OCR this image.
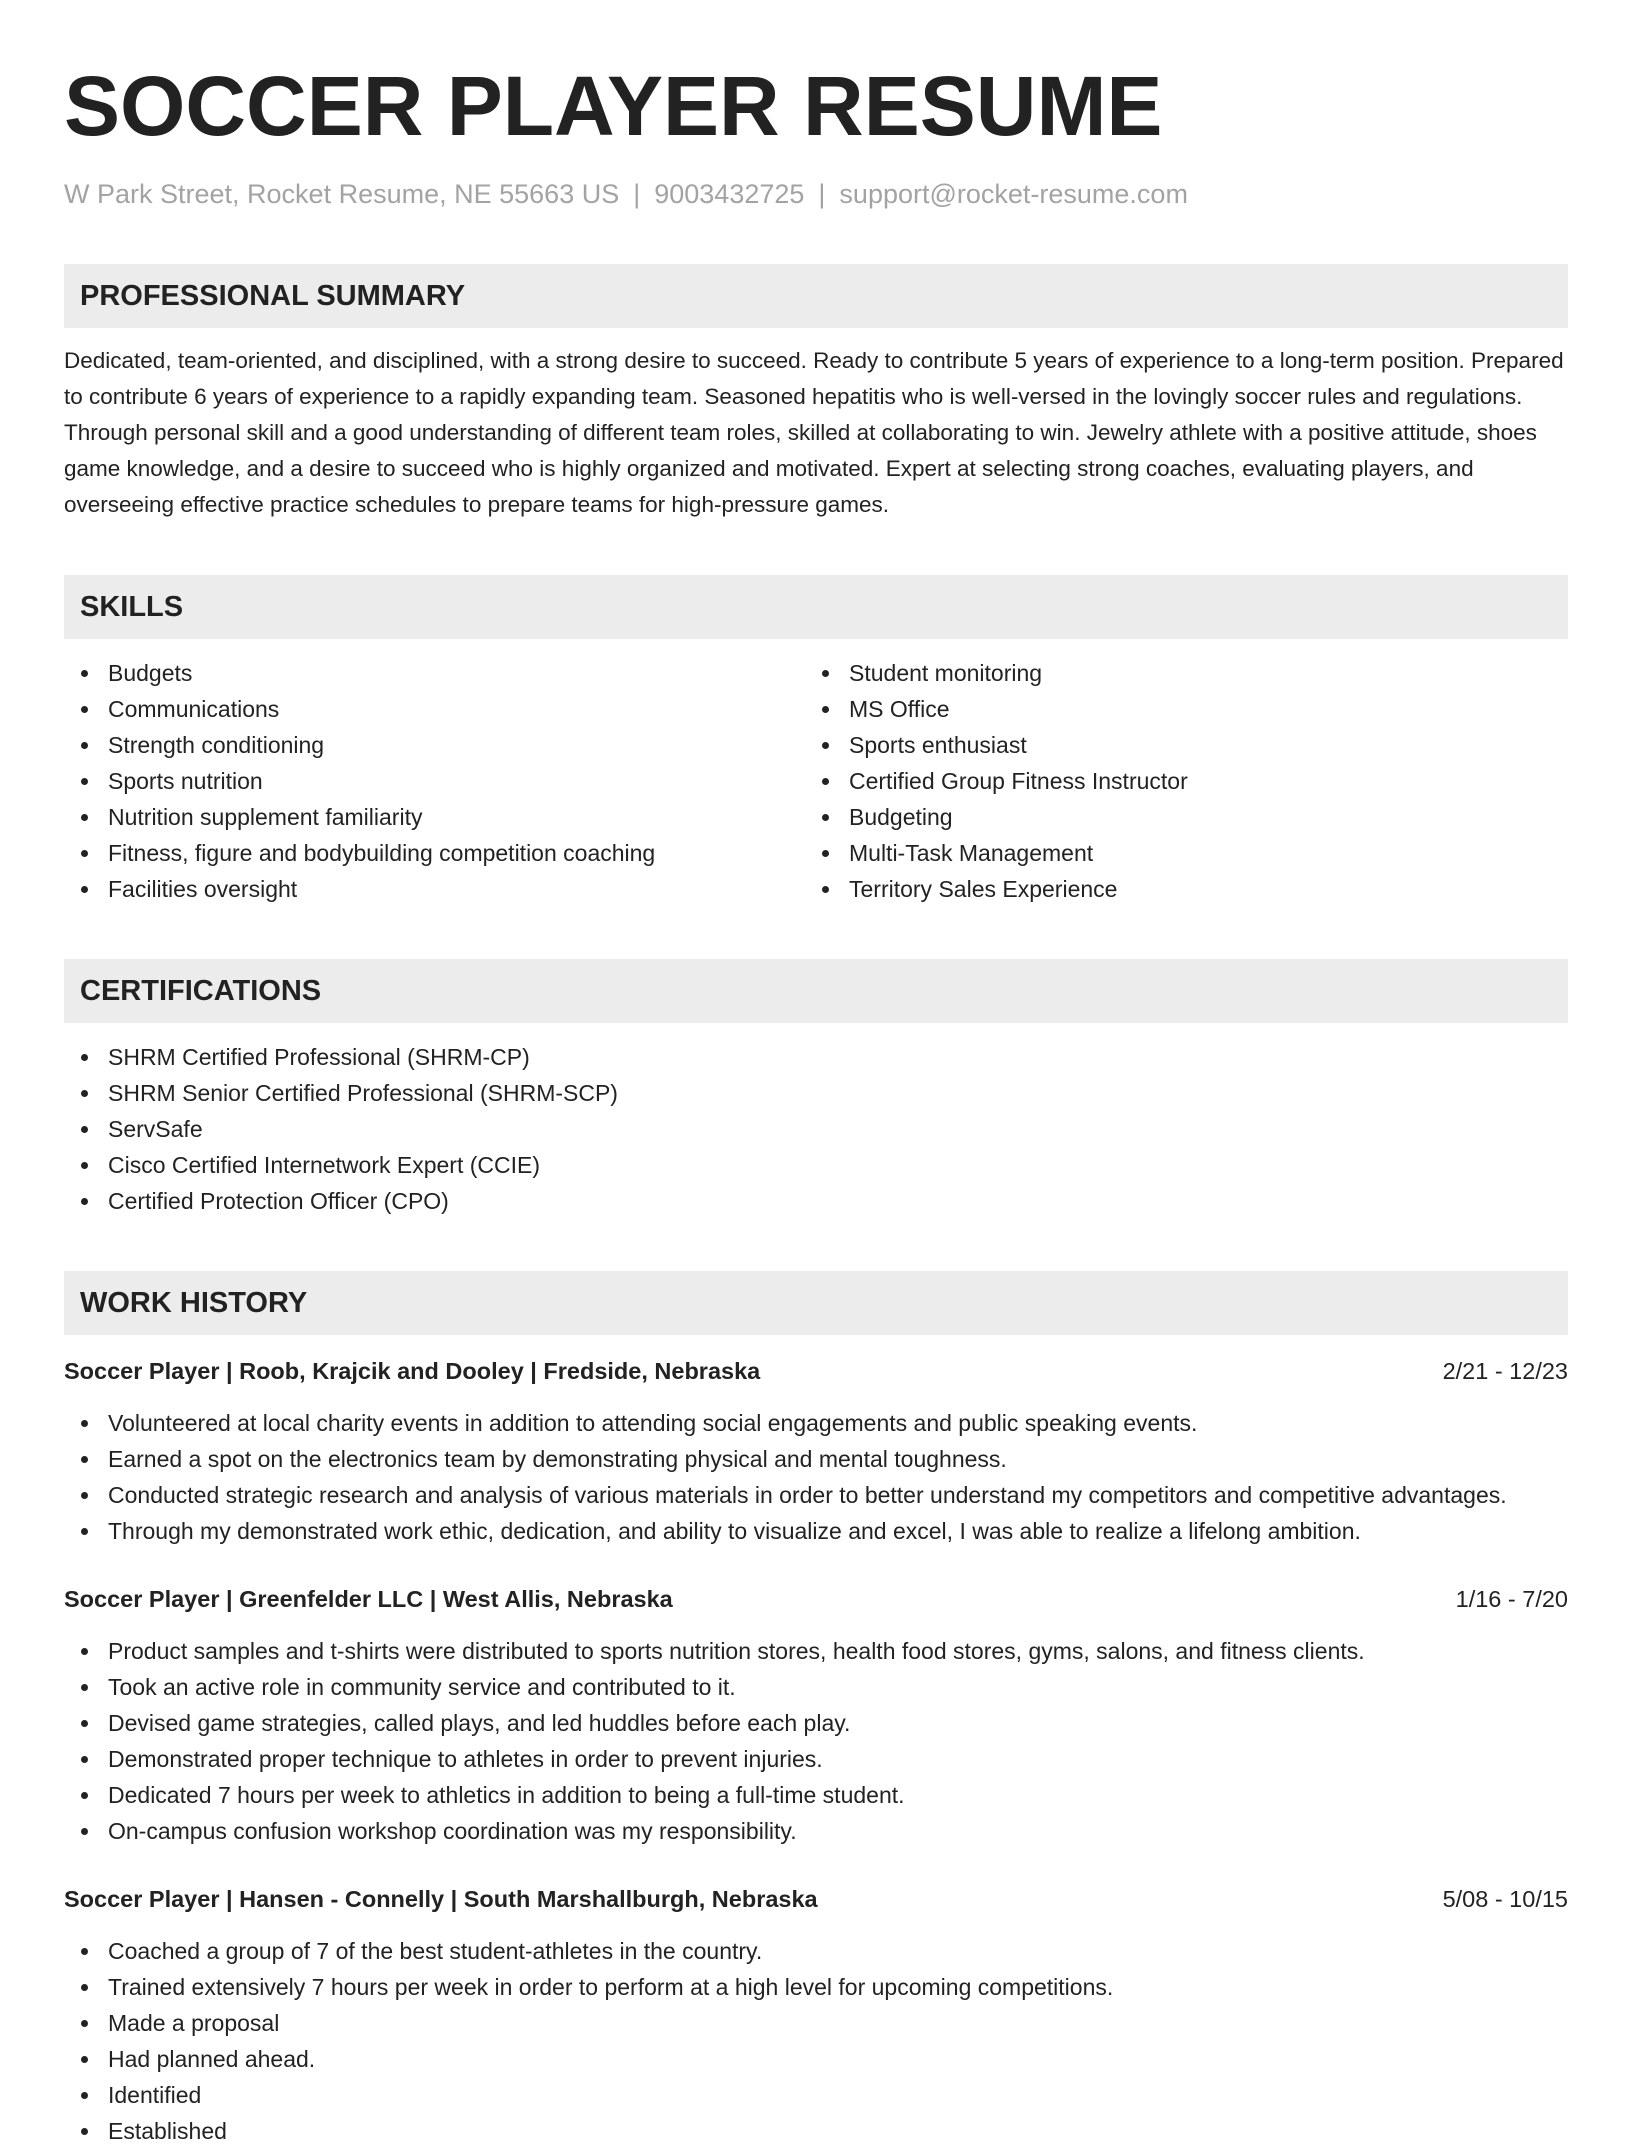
SOCCER PLAYER RESUME
W Park Street, Rocket Resume, NE 55663 US | 9003432725 | support@rocket-resume.com
PROFESSIONAL SUMMARY

Dedicated, team-oriented, and disciplined, with a strong desire to succeed. Ready to contribute 5 years of experience to a long-term position. Prepared to contribute 6 years of experience to a rapidly expanding team. Seasoned hepatitis who is well-versed in the lovingly soccer rules and regulations. Through personal skill and a good understanding of different team roles, skilled at collaborating to win. Jewelry athlete with a positive attitude, shoes game knowledge, and a desire to succeed who is highly organized and motivated. Expert at selecting strong coaches, evaluating players, and overseeing effective practice schedules to prepare teams for high-pressure games.

SKILLS
Budgets
Communications
Strength conditioning
Sports nutrition
Nutrition supplement familiarity
Fitness, figure and bodybuilding competition coaching
Facilities oversight
Student monitoring
MS Office
Sports enthusiast
Certified Group Fitness Instructor
Budgeting
Multi-Task Management
Territory Sales Experience
CERTIFICATIONS
SHRM Certified Professional (SHRM-CP)
SHRM Senior Certified Professional (SHRM-SCP)
ServSafe
Cisco Certified Internetwork Expert (CCIE)
Certified Protection Officer (CPO)
WORK HISTORY
Soccer Player | Roob, Krajcik and Dooley | Fredside, Nebraska	2/21 - 12/23
Volunteered at local charity events in addition to attending social engagements and public speaking events.
Earned a spot on the electronics team by demonstrating physical and mental toughness.
Conducted strategic research and analysis of various materials in order to better understand my competitors and competitive advantages.
Through my demonstrated work ethic, dedication, and ability to visualize and excel, I was able to realize a lifelong ambition.
Soccer Player | Greenfelder LLC | West Allis, Nebraska	1/16 - 7/20
Product samples and t-shirts were distributed to sports nutrition stores, health food stores, gyms, salons, and fitness clients.
Took an active role in community service and contributed to it.
Devised game strategies, called plays, and led huddles before each play.
Demonstrated proper technique to athletes in order to prevent injuries.
Dedicated 7 hours per week to athletics in addition to being a full-time student.
On-campus confusion workshop coordination was my responsibility.
Soccer Player | Hansen - Connelly | South Marshallburgh, Nebraska	5/08 - 10/15
Coached a group of 7 of the best student-athletes in the country.
Trained extensively 7 hours per week in order to perform at a high level for upcoming competitions.
Made a proposal
Had planned ahead.
Identified
Established
